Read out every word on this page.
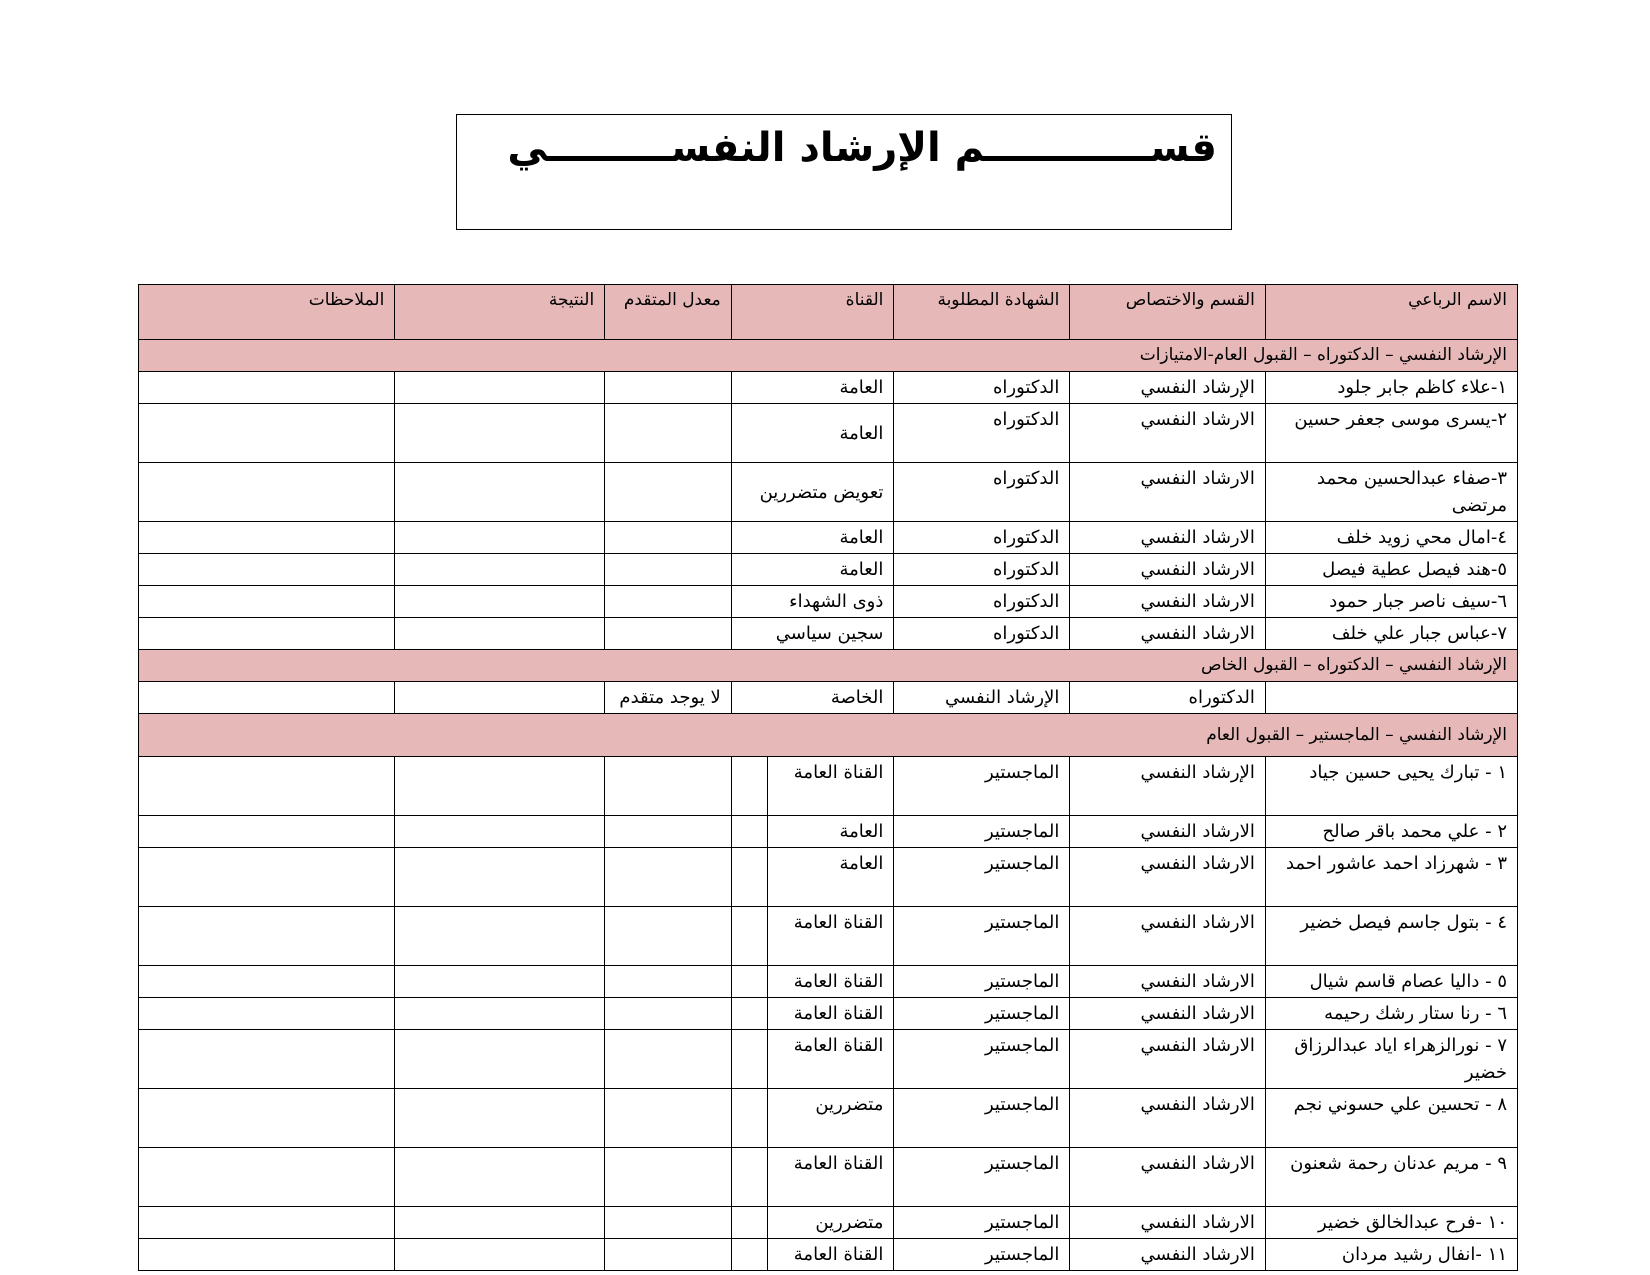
قســــــــــــم الإرشاد النفســـــــــي
الاسم الرباعي	القسم والاختصاص	الشهادة المطلوبة	القناة		معدل المتقدم	النتيجة	الملاحظات
الإرشاد النفسي – الدكتوراه – القبول العام-الامتيازات							
١-علاء كاظم جابر جلود	الإرشاد النفسي	الدكتوراه	العامة				
٢-يسرى موسى جعفر حسين	الارشاد النفسي	الدكتوراه	العامة				
٣-صفاء عبدالحسين محمد مرتضى	الارشاد النفسي	الدكتوراه	تعويض متضررين				
٤-امال محي زويد خلف	الارشاد النفسي	الدكتوراه	العامة				
٥-هند فيصل عطية فيصل	الارشاد النفسي	الدكتوراه	العامة				
٦-سيف ناصر جبار حمود	الارشاد النفسي	الدكتوراه	ذوى الشهداء				
٧-عباس جبار علي خلف	الارشاد النفسي	الدكتوراه	سجين سياسي				
الإرشاد النفسي – الدكتوراه – القبول الخاص							
	الدكتوراه	الإرشاد النفسي	الخاصة		لا يوجد متقدم		
الإرشاد النفسي – الماجستير – القبول العام							
١ - تبارك يحيى حسين جياد	الإرشاد النفسي	الماجستير	القناة العامة				
٢ - علي محمد باقر صالح	الارشاد النفسي	الماجستير	العامة				
٣ - شهرزاد احمد عاشور احمد	الارشاد النفسي	الماجستير	العامة				
٤ - بتول جاسم فيصل خضير	الارشاد النفسي	الماجستير	القناة العامة				
٥ - داليا عصام قاسم شيال	الارشاد النفسي	الماجستير	القناة العامة				
٦ - رنا ستار رشك رحيمه	الارشاد النفسي	الماجستير	القناة العامة				
٧ - نورالزهراء اياد عبدالرزاق خضير	الارشاد النفسي	الماجستير	القناة العامة				
٨ - تحسين علي حسوني نجم	الارشاد النفسي	الماجستير	متضررين				
٩ - مريم عدنان رحمة شعنون	الارشاد النفسي	الماجستير	القناة العامة				
١٠ -فرح عبدالخالق خضير	الارشاد النفسي	الماجستير	متضررين				
١١ -انفال رشيد مردان	الارشاد النفسي	الماجستير	القناة العامة				
